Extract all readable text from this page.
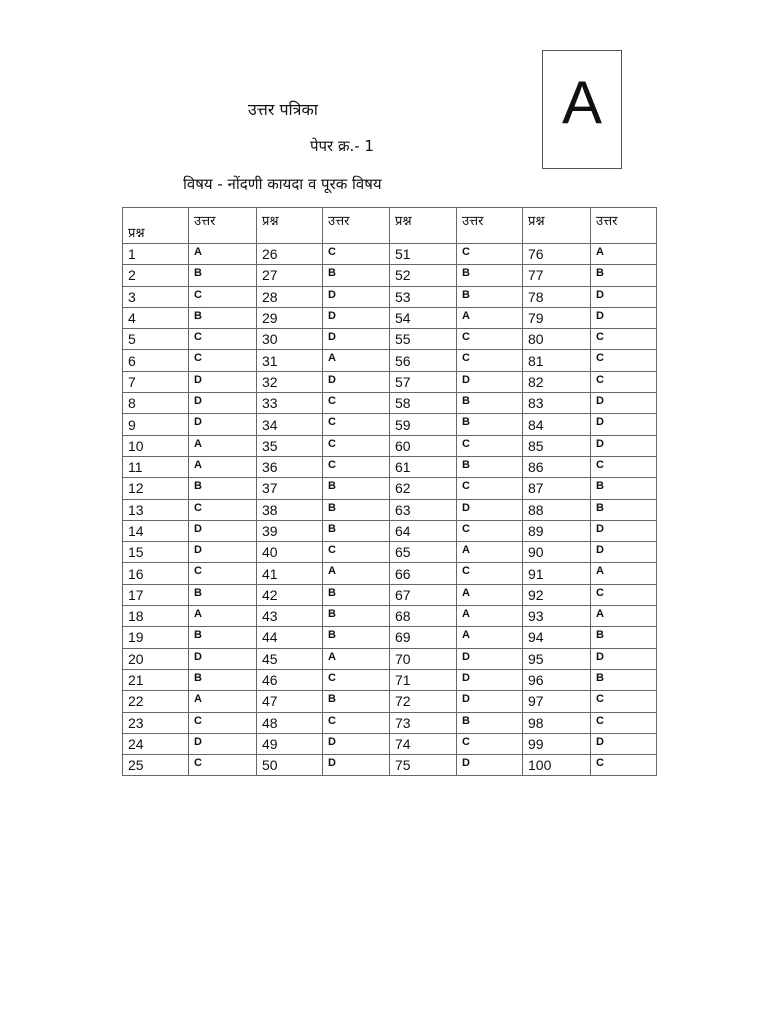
उत्तर पत्रिका
पेपर क्र.- 1
विषय - नोंदणी कायदा व पूरक विषय
A
प्रश्न	उत्तर	प्रश्न	उत्तर	प्रश्न	उत्तर	प्रश्न	उत्तर
1	A	26	C	51	C	76	A
2	B	27	B	52	B	77	B
3	C	28	D	53	B	78	D
4	B	29	D	54	A	79	D
5	C	30	D	55	C	80	C
6	C	31	A	56	C	81	C
7	D	32	D	57	D	82	C
8	D	33	C	58	B	83	D
9	D	34	C	59	B	84	D
10	A	35	C	60	C	85	D
11	A	36	C	61	B	86	C
12	B	37	B	62	C	87	B
13	C	38	B	63	D	88	B
14	D	39	B	64	C	89	D
15	D	40	C	65	A	90	D
16	C	41	A	66	C	91	A
17	B	42	B	67	A	92	C
18	A	43	B	68	A	93	A
19	B	44	B	69	A	94	B
20	D	45	A	70	D	95	D
21	B	46	C	71	D	96	B
22	A	47	B	72	D	97	C
23	C	48	C	73	B	98	C
24	D	49	D	74	C	99	D
25	C	50	D	75	D	100	C
